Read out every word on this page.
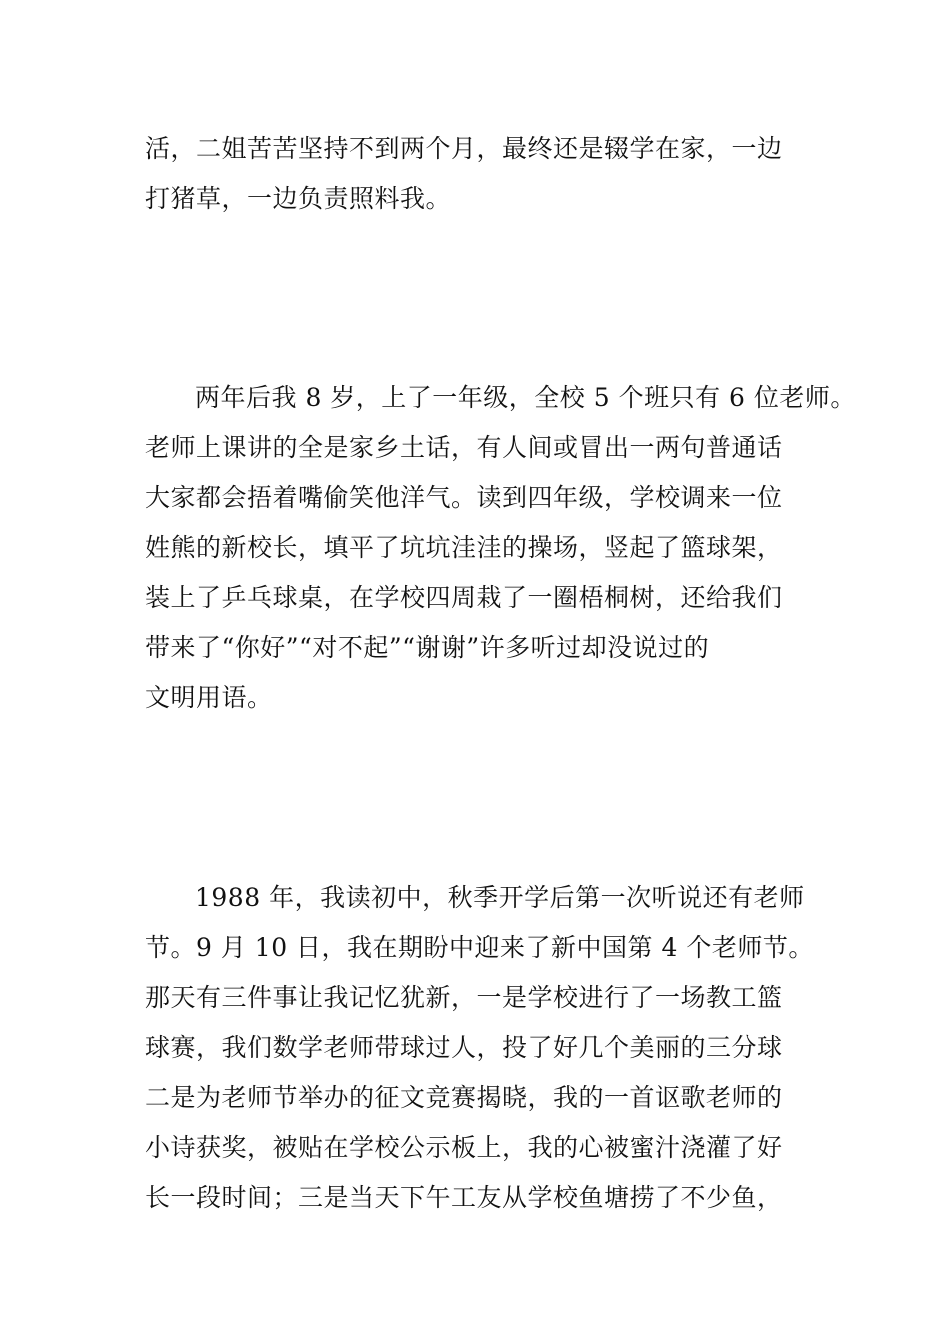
活，二姐苦苦坚持不到两个月，最终还是辍学在家，一边
打猪草，一边负责照料我。
两年后我 8 岁，上了一年级，全校 5 个班只有 6 位老师。
老师上课讲的全是家乡土话，有人间或冒出一两句普通话
大家都会捂着嘴偷笑他洋气。读到四年级，学校调来一位
姓熊的新校长，填平了坑坑洼洼的操场，竖起了篮球架，
装上了乒乓球桌，在学校四周栽了一圈梧桐树，还给我们
带来了“你好”“对不起”“谢谢”许多听过却没说过的
文明用语。
1988 年，我读初中，秋季开学后第一次听说还有老师
节。9 月 10 日，我在期盼中迎来了新中国第 4 个老师节。
那天有三件事让我记忆犹新，一是学校进行了一场教工篮
球赛，我们数学老师带球过人，投了好几个美丽的三分球
二是为老师节举办的征文竞赛揭晓，我的一首讴歌老师的
小诗获奖，被贴在学校公示板上，我的心被蜜汁浇灌了好
长一段时间；三是当天下午工友从学校鱼塘捞了不少鱼，
